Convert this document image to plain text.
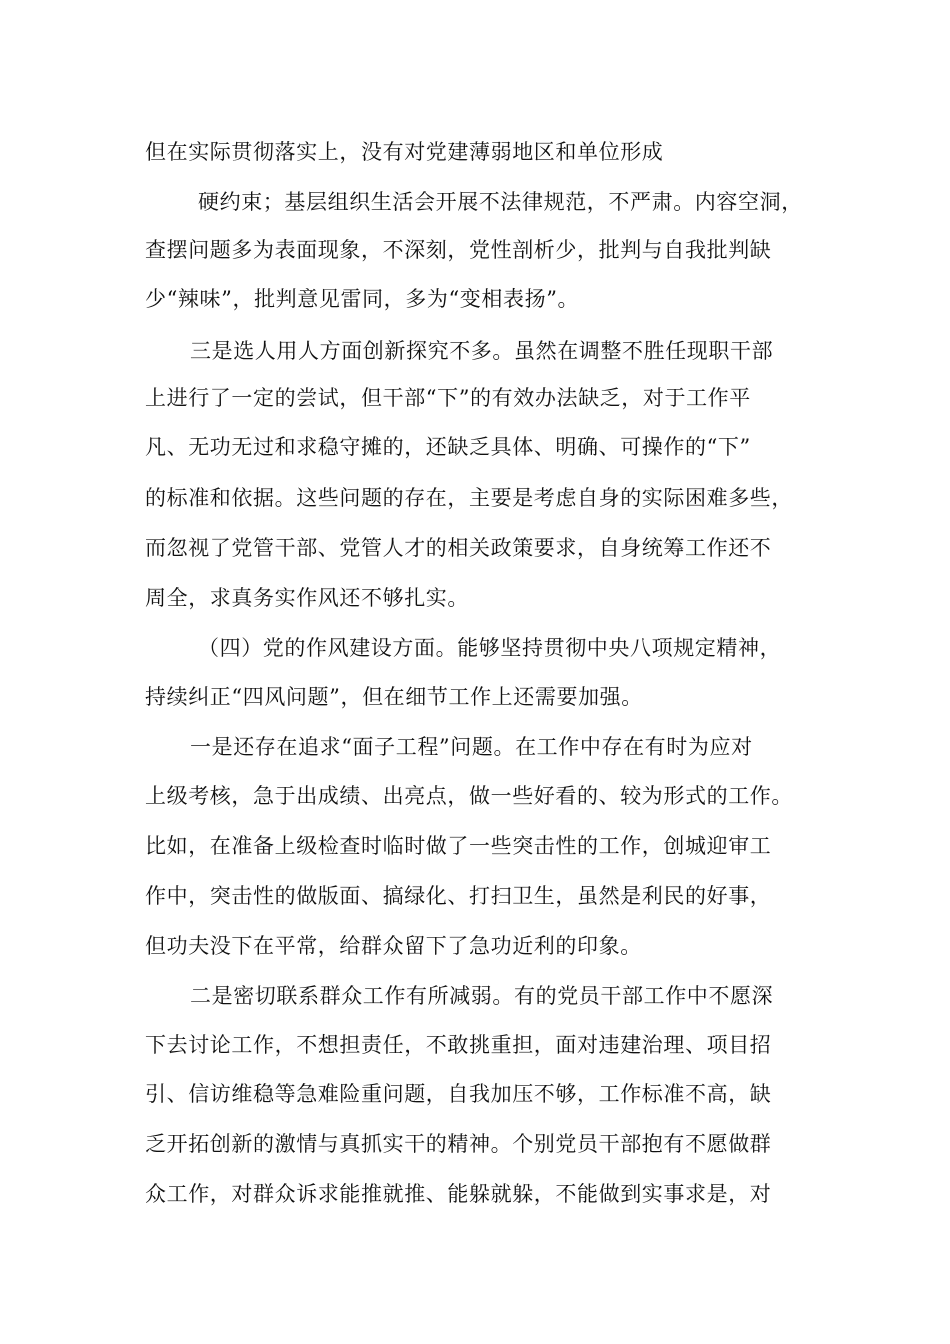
但在实际贯彻落实上，没有对党建薄弱地区和单位形成
硬约束；基层组织生活会开展不法律规范，不严肃。内容空洞，
查摆问题多为表面现象，不深刻，党性剖析少，批判与自我批判缺
少“辣味”，批判意见雷同，多为“变相表扬”。
三是选人用人方面创新探究不多。虽然在调整不胜任现职干部
上进行了一定的尝试，但干部“下”的有效办法缺乏，对于工作平
凡、无功无过和求稳守摊的，还缺乏具体、明确、可操作的“下”
的标准和依据。这些问题的存在，主要是考虑自身的实际困难多些，
而忽视了党管干部、党管人才的相关政策要求，自身统筹工作还不
周全，求真务实作风还不够扎实。
（四）党的作风建设方面。能够坚持贯彻中央八项规定精神，
持续纠正“四风问题”，但在细节工作上还需要加强。
一是还存在追求“面子工程”问题。在工作中存在有时为应对
上级考核，急于出成绩、出亮点，做一些好看的、较为形式的工作。
比如，在准备上级检查时临时做了一些突击性的工作，创城迎审工
作中，突击性的做版面、搞绿化、打扫卫生，虽然是利民的好事，
但功夫没下在平常，给群众留下了急功近利的印象。
二是密切联系群众工作有所减弱。有的党员干部工作中不愿深
下去讨论工作，不想担责任，不敢挑重担，面对违建治理、项目招
引、信访维稳等急难险重问题，自我加压不够，工作标准不高，缺
乏开拓创新的激情与真抓实干的精神。个别党员干部抱有不愿做群
众工作，对群众诉求能推就推、能躲就躲，不能做到实事求是，对
